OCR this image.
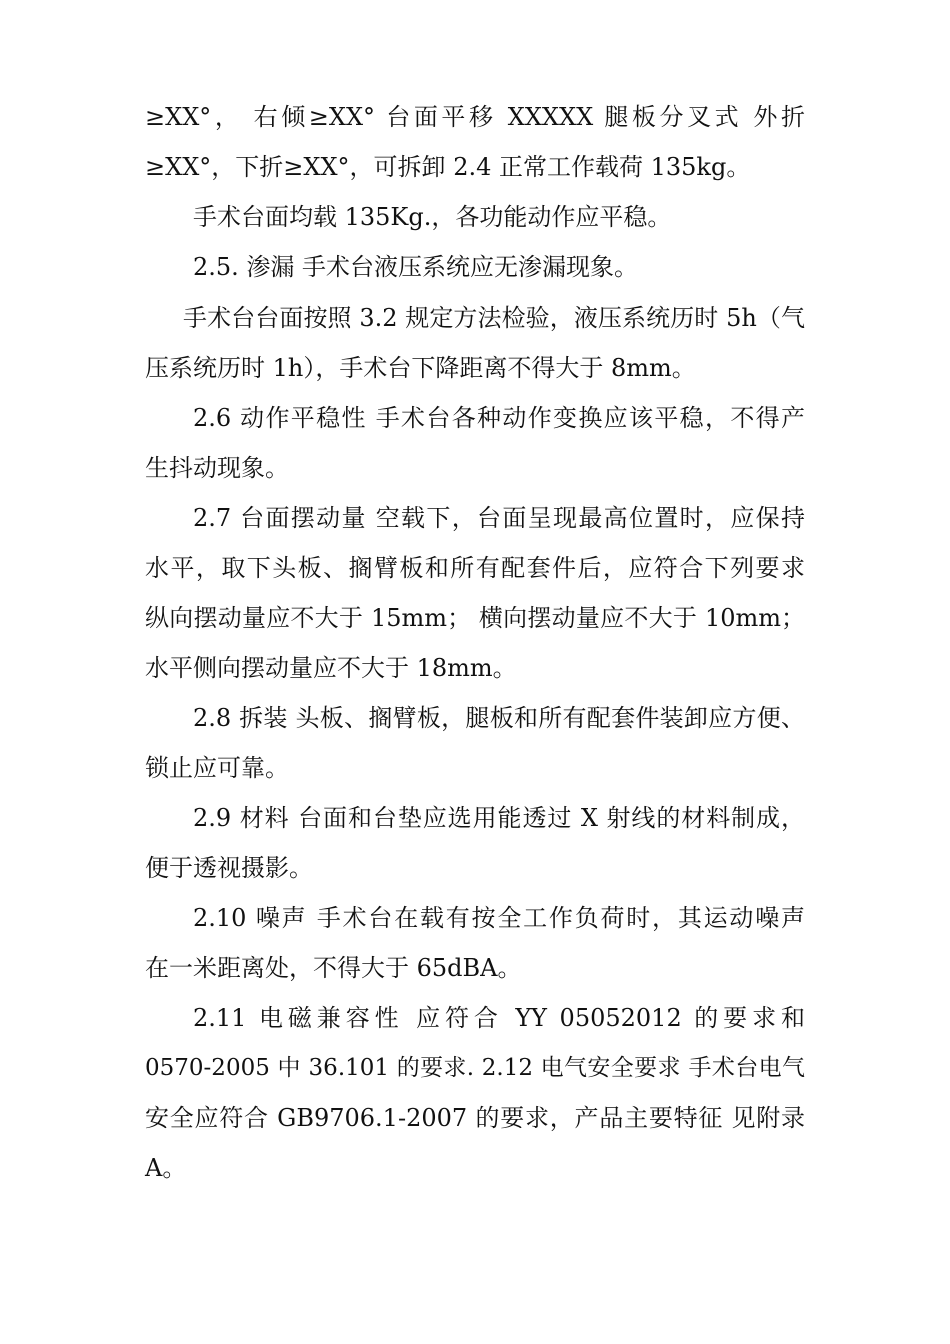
≥XX°， 右倾≥XX° 台面平移 XXXXX 腿板分叉式 外折
≥XX°，下折≥XX°，可拆卸 2.4 正常工作载荷 135kg。
手术台面均载 135Kg.，各功能动作应平稳。
2.5. 渗漏 手术台液压系统应无渗漏现象。
手术台台面按照 3.2 规定方法检验，液压系统历时 5h（气
压系统历时 1h），手术台下降距离不得大于 8mm。
2.6 动作平稳性 手术台各种动作变换应该平稳，不得产
生抖动现象。
2.7 台面摆动量 空载下，台面呈现最高位置时，应保持
水平，取下头板、搁臂板和所有配套件后，应符合下列要求
纵向摆动量应不大于 15mm； 横向摆动量应不大于 10mm；
水平侧向摆动量应不大于 18mm。
2.8 拆装 头板、搁臂板，腿板和所有配套件装卸应方便、
锁止应可靠。
2.9 材料 台面和台垫应选用能透过 X 射线的材料制成，
便于透视摄影。
2.10 噪声 手术台在载有按全工作负荷时，其运动噪声
在一米距离处，不得大于 65dBA。
2.11 电磁兼容性 应符合 YY 05052012 的要求和
0570-2005 中 36.101 的要求. 2.12 电气安全要求 手术台电气
安全应符合 GB9706.1-2007 的要求，产品主要特征 见附录
A。
